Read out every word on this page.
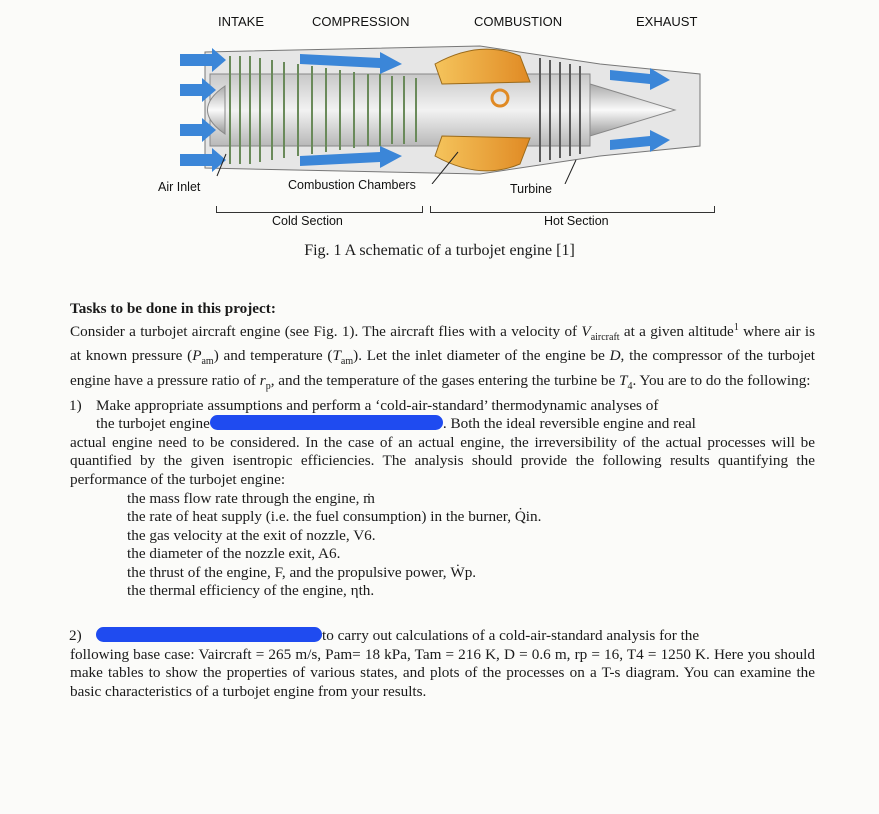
INTAKE	COMPRESSION	COMBUSTION	EXHAUST
Air Inlet	Combustion Chambers	Turbine
Cold Section	Hot Section
Fig. 1 A schematic of a turbojet engine [1]

Tasks to be done in this project:

Consider a turbojet aircraft engine (see Fig. 1). The aircraft flies with a velocity of $V_{aircraft}$ at a given altitude$^1$ where air is at known pressure $(P_{am})$ and temperature $(T_{am})$. Let the inlet diameter of the engine be D, the compressor of the turbojet engine have a pressure ratio of $r_p$, and the temperature of the gases entering the turbine be $T_4$. You are to do the following:

1) Make appropriate assumptions and perform a ‘cold-air-standard’ thermodynamic analyses of

the turbojet engine	. Both the ideal reversible engine and real

actual engine need to be considered. In the case of an actual engine, the irreversibility of the actual processes will be quantified by the given isentropic efficiencies. The analysis should provide the following results quantifying the performance of the turbojet engine:

the mass flow rate through the engine, ṁ

the rate of heat supply (i.e. the fuel consumption) in the burner, Q̇in.

the gas velocity at the exit of nozzle, V6.

the diameter of the nozzle exit, A6.

the thrust of the engine, F, and the propulsive power, Ẇp.

the thermal efficiency of the engine, ηth.

2)	to carry out calculations of a cold-air-standard analysis for the

following base case: Vaircraft = 265 m/s, Pam= 18 kPa, Tam = 216 K, D = 0.6 m, rp = 16, T4 = 1250 K. Here you should make tables to show the properties of various states, and plots of the processes on a T-s diagram. You can examine the basic characteristics of a turbojet engine from your results.
